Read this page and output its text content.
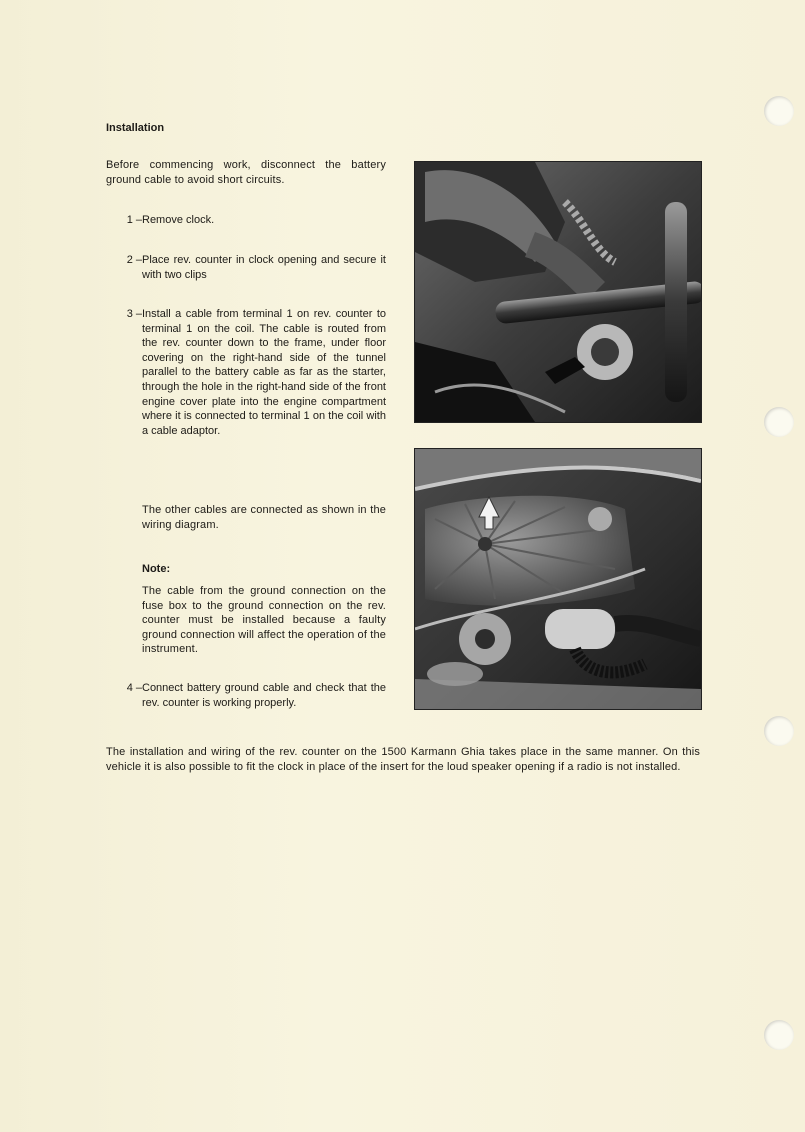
Installation
Before commencing work, disconnect the battery ground cable to avoid short circuits.
1 – Remove clock.
2 – Place rev. counter in clock opening and secure it with two clips
3 – Install a cable from terminal 1 on rev. counter to terminal 1 on the coil. The cable is routed from the rev. counter down to the frame, under floor covering on the right-hand side of the tunnel parallel to the battery cable as far as the starter, through the hole in the right-hand side of the front engine cover plate into the engine compartment where it is connected to terminal 1 on the coil with a cable adaptor.
The other cables are connected as shown in the wiring diagram.
Note:
The cable from the ground connection on the fuse box to the ground connection on the rev. counter must be installed because a faulty ground connection will affect the operation of the instrument.
4 – Connect battery ground cable and check that the rev. counter is working properly.
The installation and wiring of the rev. counter on the 1500 Karmann Ghia takes place in the same manner. On this vehicle it is also possible to fit the clock in place of the insert for the loud speaker opening if a radio is not installed.
